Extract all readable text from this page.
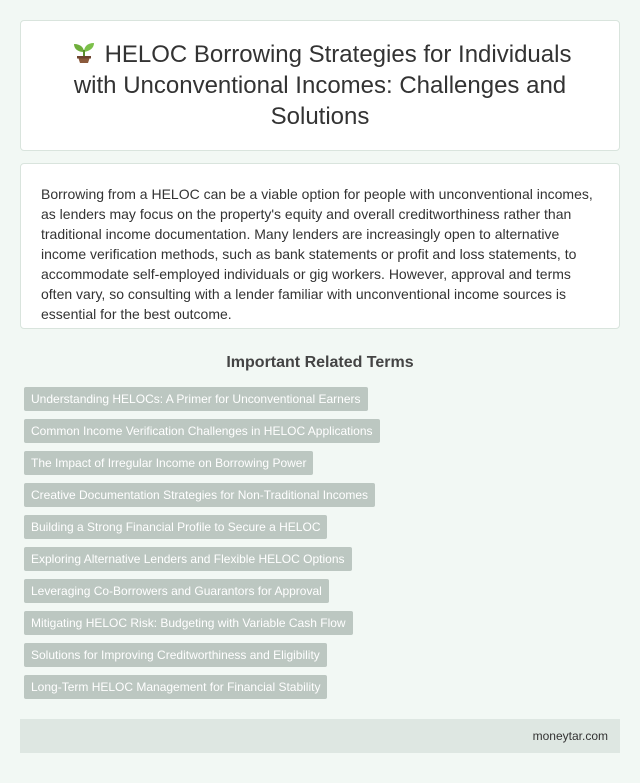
HELOC Borrowing Strategies for Individuals with Unconventional Incomes: Challenges and Solutions

Borrowing from a HELOC can be a viable option for people with unconventional incomes, as lenders may focus on the property's equity and overall creditworthiness rather than traditional income documentation. Many lenders are increasingly open to alternative income verification methods, such as bank statements or profit and loss statements, to accommodate self-employed individuals or gig workers. However, approval and terms often vary, so consulting with a lender familiar with unconventional income sources is essential for the best outcome.

Important Related Terms
Understanding HELOCs: A Primer for Unconventional Earners
Common Income Verification Challenges in HELOC Applications
The Impact of Irregular Income on Borrowing Power
Creative Documentation Strategies for Non-Traditional Incomes
Building a Strong Financial Profile to Secure a HELOC
Exploring Alternative Lenders and Flexible HELOC Options
Leveraging Co-Borrowers and Guarantors for Approval
Mitigating HELOC Risk: Budgeting with Variable Cash Flow
Solutions for Improving Creditworthiness and Eligibility
Long-Term HELOC Management for Financial Stability
moneytar.com
